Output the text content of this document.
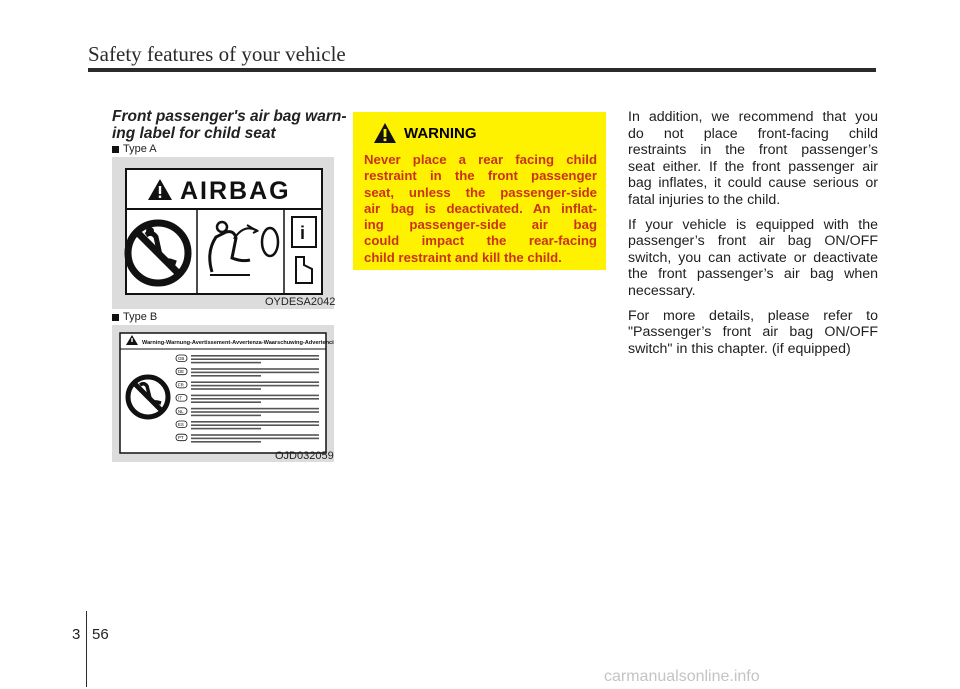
Safety features of your vehicle
Front passenger's air bag warn-
ing label for child seat
Type A
AIRBAG
i
OYDESA2042
Type B
Warning-Warnung-Avertissement-Avvertenza-Waarschuwing-Advertencia-Aviso
GB
DE
FR
IT
NL
ES
PT
OJD032059
WARNING
Never place a rear facing child
restraint in the front passenger
seat, unless the passenger-side
air bag is deactivated. An inflat-
ing passenger-side air bag
could impact the rear-facing
child restraint and kill the child.

In addition, we recommend that you
do not place front-facing child
restraints in the front passenger’s
seat either. If the front passenger air
bag inflates, it could cause serious or
fatal injuries to the child.

If your vehicle is equipped with the
passenger’s front air bag ON/OFF
switch, you can activate or deactivate
the front passenger’s air bag when
necessary.

For more details, please refer to
"Passenger’s front air bag ON/OFF
switch" in this chapter. (if equipped)

3 56
carmanualsonline.info
